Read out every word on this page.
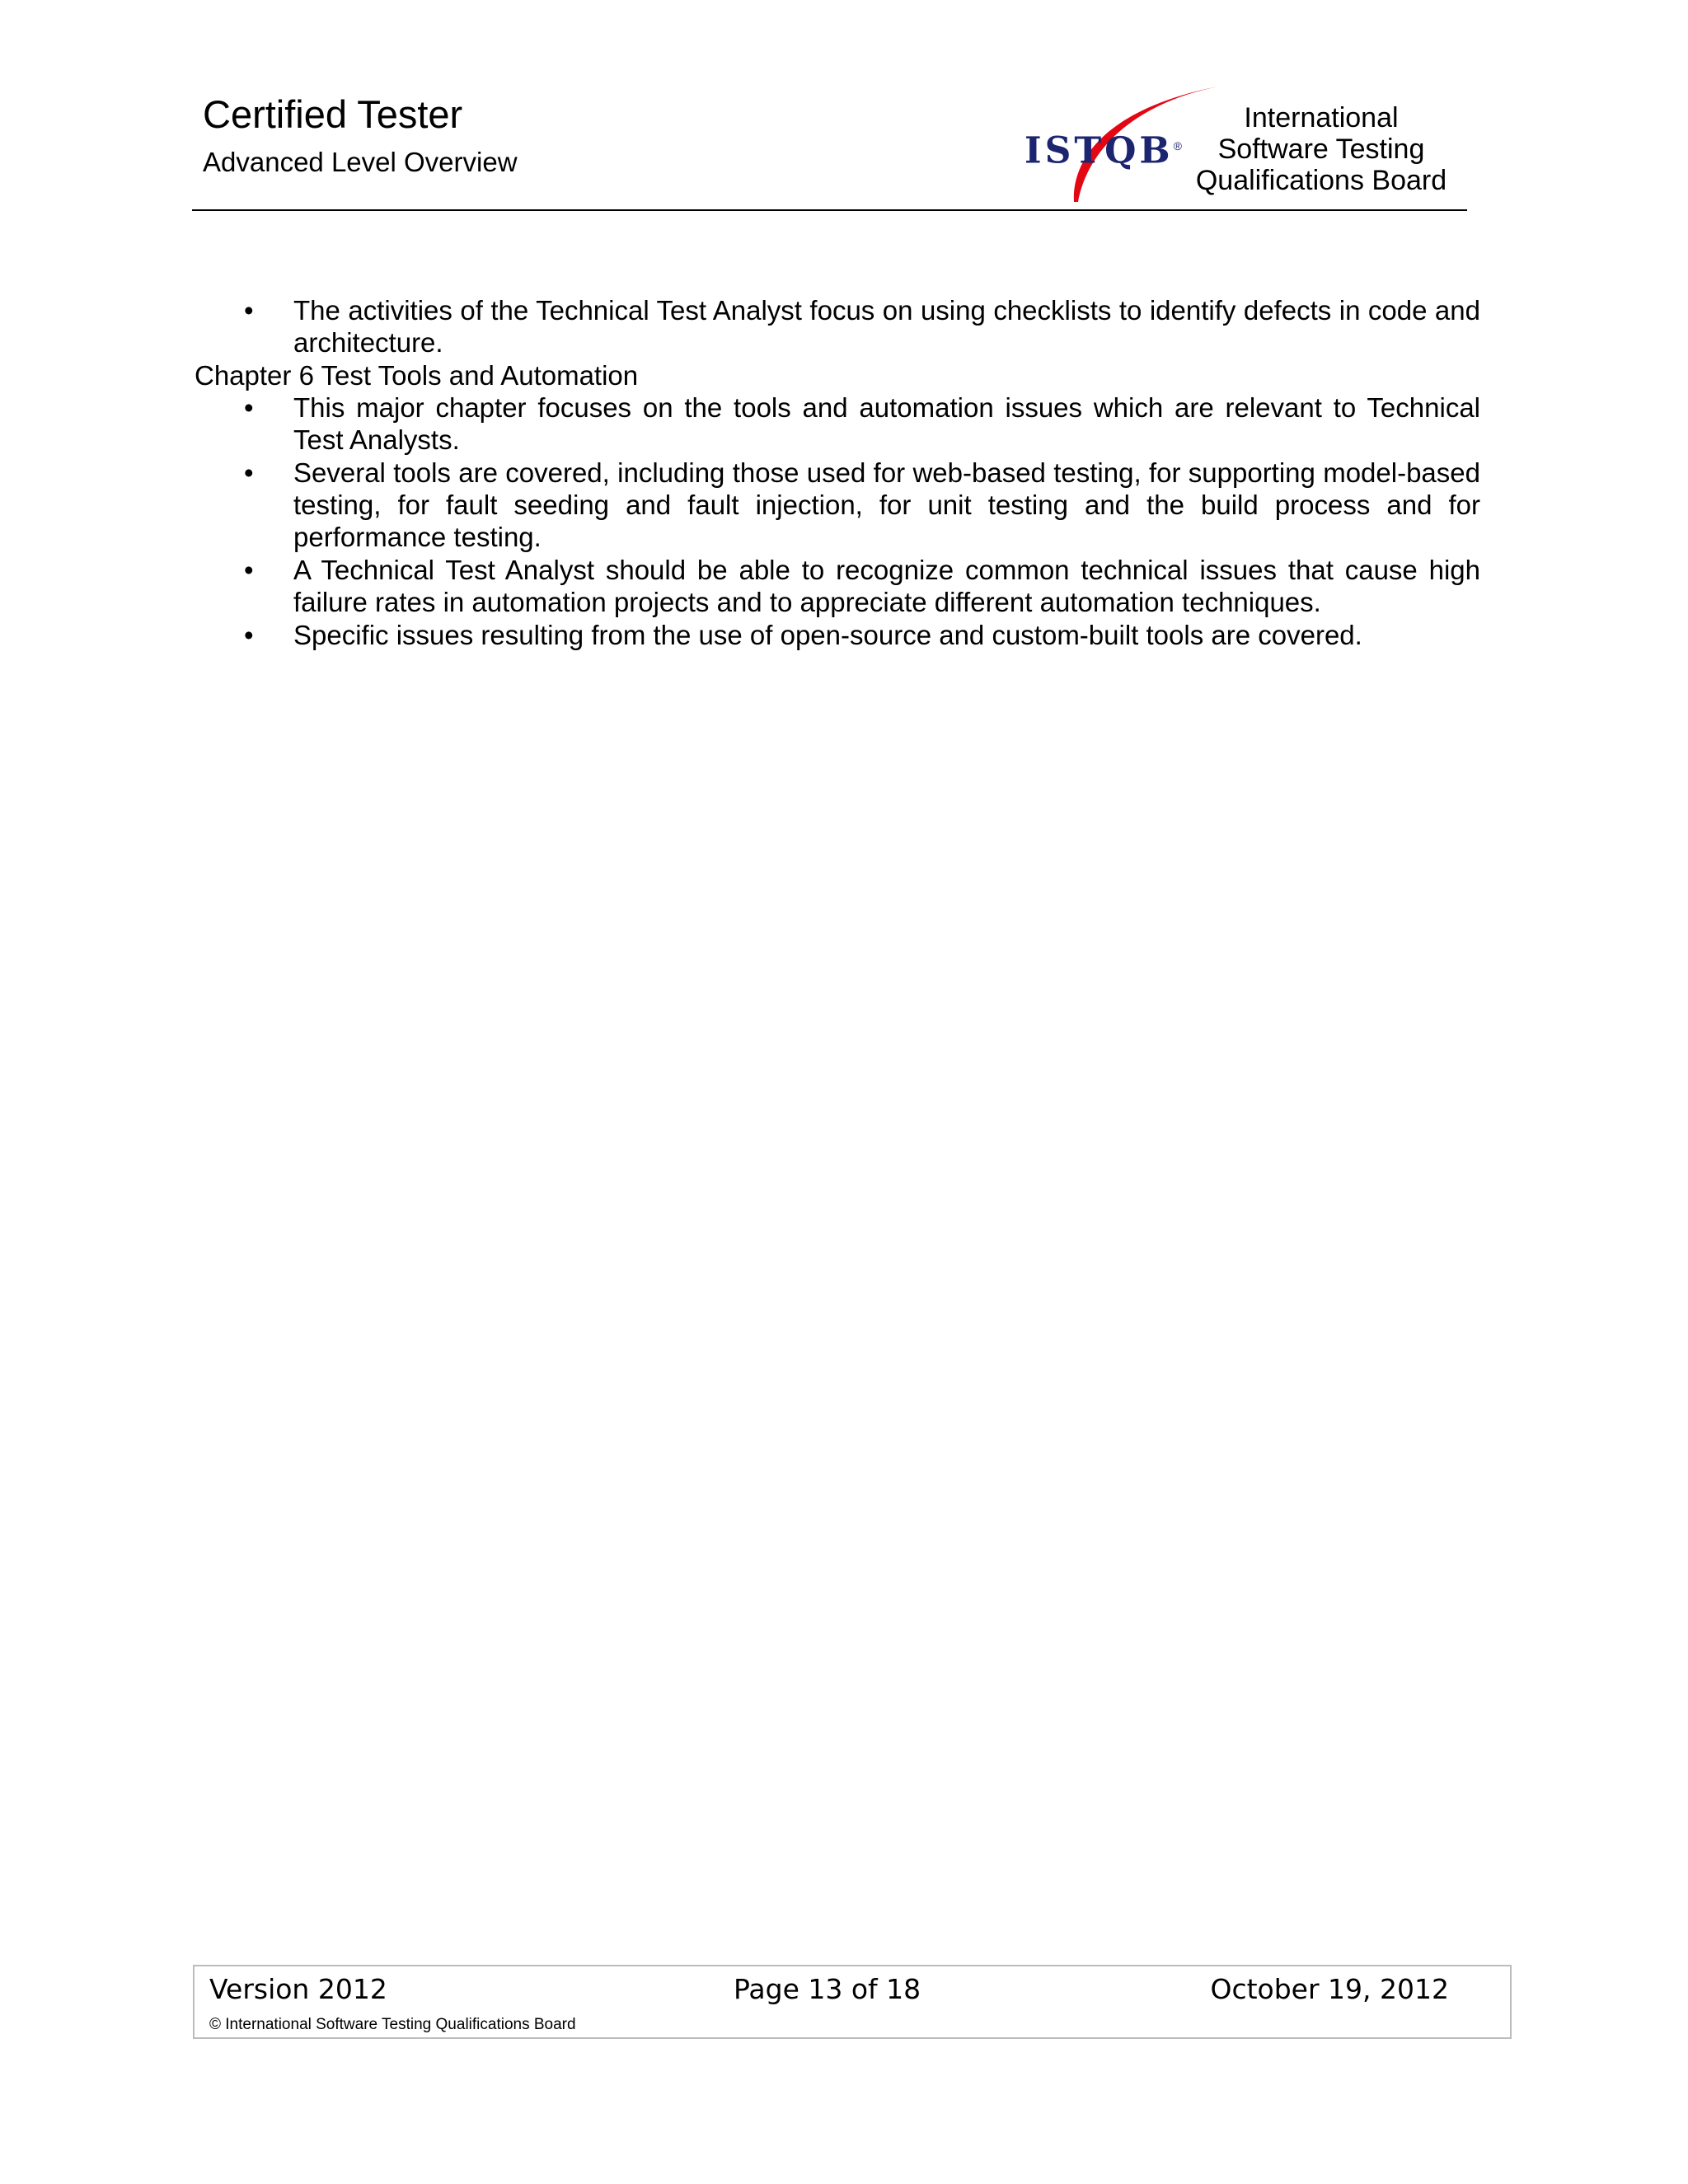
Certified Tester
Advanced Level Overview	ISTQB®
International
Software Testing
Qualifications Board
• The activities of the Technical Test Analyst focus on using checklists to identify defects in code and architecture.

Chapter 6 Test Tools and Automation

• This major chapter focuses on the tools and automation issues which are relevant to Technical Test Analysts.
• Several tools are covered, including those used for web-based testing, for supporting model-based testing, for fault seeding and fault injection, for unit testing and the build process and for performance testing.
• A Technical Test Analyst should be able to recognize common technical issues that cause high failure rates in automation projects and to appreciate different automation techniques.
• Specific issues resulting from the use of open-source and custom-built tools are covered.
Version 2012	Page 13 of 18	October 19, 2012
© International Software Testing Qualifications Board
